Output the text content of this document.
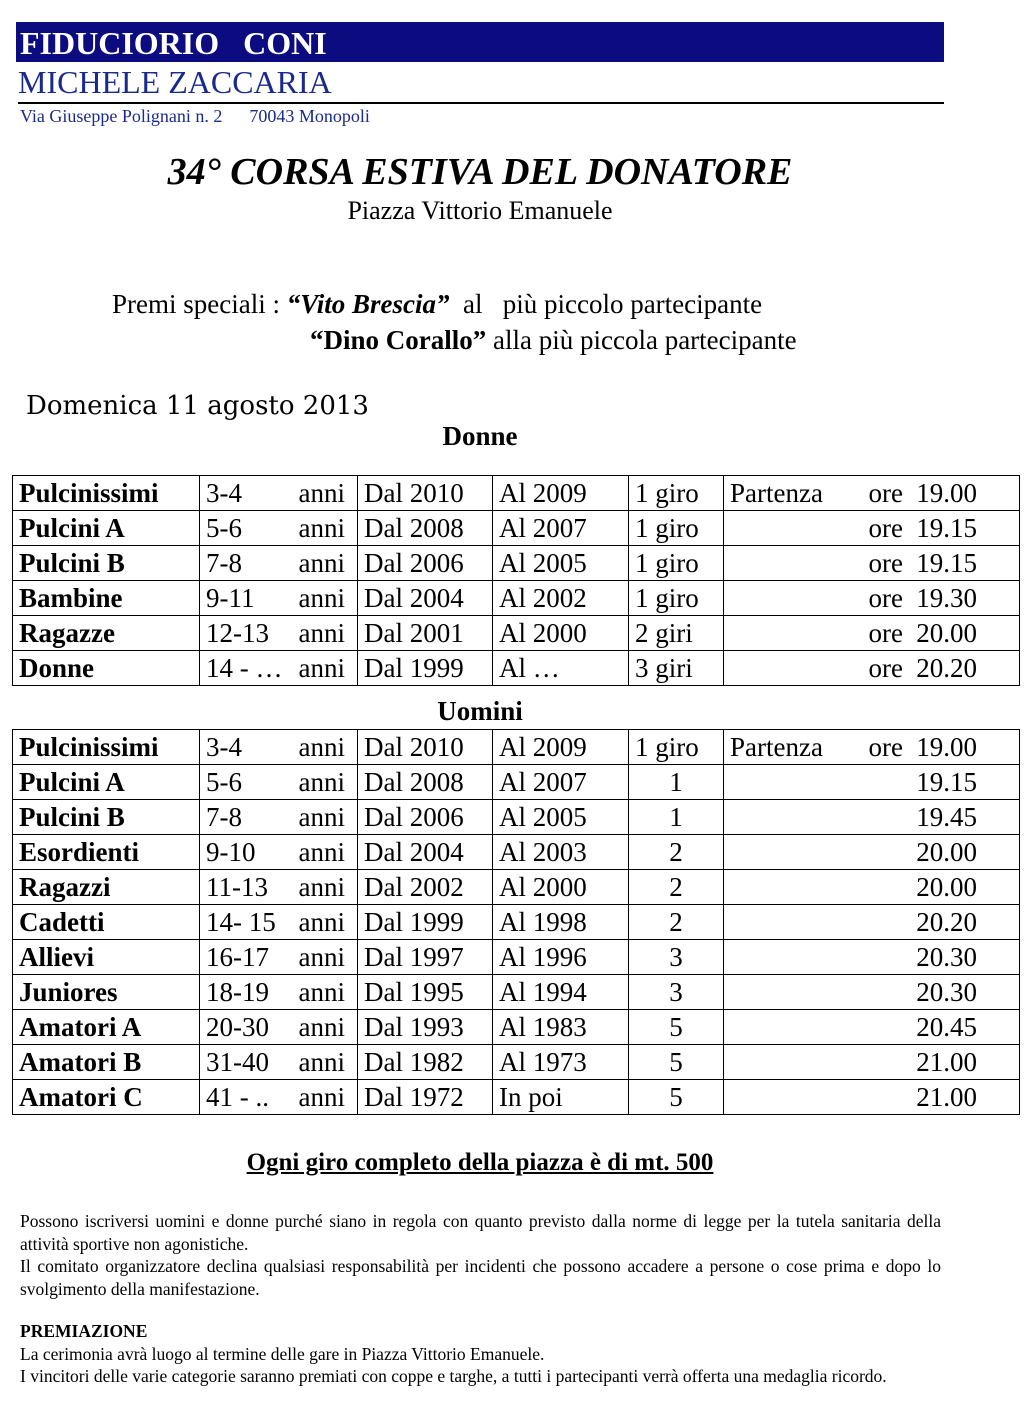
FIDUCIORIO   CONI
MICHELE ZACCARIA
Via Giuseppe Polignani n. 2      70043 Monopoli
34° CORSA ESTIVA DEL DONATORE
Piazza Vittorio Emanuele
Premi speciali : “Vito Brescia”  al   più piccolo partecipante
“Dino Corallo” alla più piccola partecipante
Domenica 11 agosto 2013
Donne
Pulcinissimi	3-4 anni	Dal 2010	Al 2009	1 giro	Partenza ore 19.00

Pulcini A	5-6 anni	Dal 2008	Al 2007	1 giro	ore 19.15

Pulcini B	7-8 anni	Dal 2006	Al 2005	1 giro	ore 19.15

Bambine	9-11 anni	Dal 2004	Al 2002	1 giro	ore 19.30

Ragazze	12-13 anni	Dal 2001	Al 2000	2 giri	ore 20.00

Donne	14 - … anni	Dal 1999	Al …	3 giri	ore 20.20
Uomini
Pulcinissimi	3-4 anni	Dal 2010	Al 2009	1 giro	Partenza ore 19.00

Pulcini A	5-6 anni	Dal 2008	Al 2007	1	19.15

Pulcini B	7-8 anni	Dal 2006	Al 2005	1	19.45

Esordienti	9-10 anni	Dal 2004	Al 2003	2	20.00

Ragazzi	11-13 anni	Dal 2002	Al 2000	2	20.00

Cadetti	14- 15 anni	Dal 1999	Al 1998	2	20.20

Allievi	16-17 anni	Dal 1997	Al 1996	3	20.30

Juniores	18-19 anni	Dal 1995	Al 1994	3	20.30

Amatori A	20-30 anni	Dal 1993	Al 1983	5	20.45

Amatori B	31-40 anni	Dal 1982	Al 1973	5	21.00

Amatori C	41 - .. anni	Dal 1972	In poi	5	21.00
Ogni giro completo della piazza è di mt. 500

Possono iscriversi uomini e donne purché siano in regola con quanto previsto dalla norme di legge per la tutela sanitaria della attività sportive non agonistiche.

Il comitato organizzatore declina qualsiasi responsabilità per incidenti che possono accadere a persone o cose prima e dopo lo svolgimento della manifestazione.

PREMIAZIONE

La cerimonia avrà luogo al termine delle gare in Piazza Vittorio Emanuele.

I vincitori delle varie categorie saranno premiati con coppe e targhe, a tutti i partecipanti verrà offerta una medaglia ricordo.
